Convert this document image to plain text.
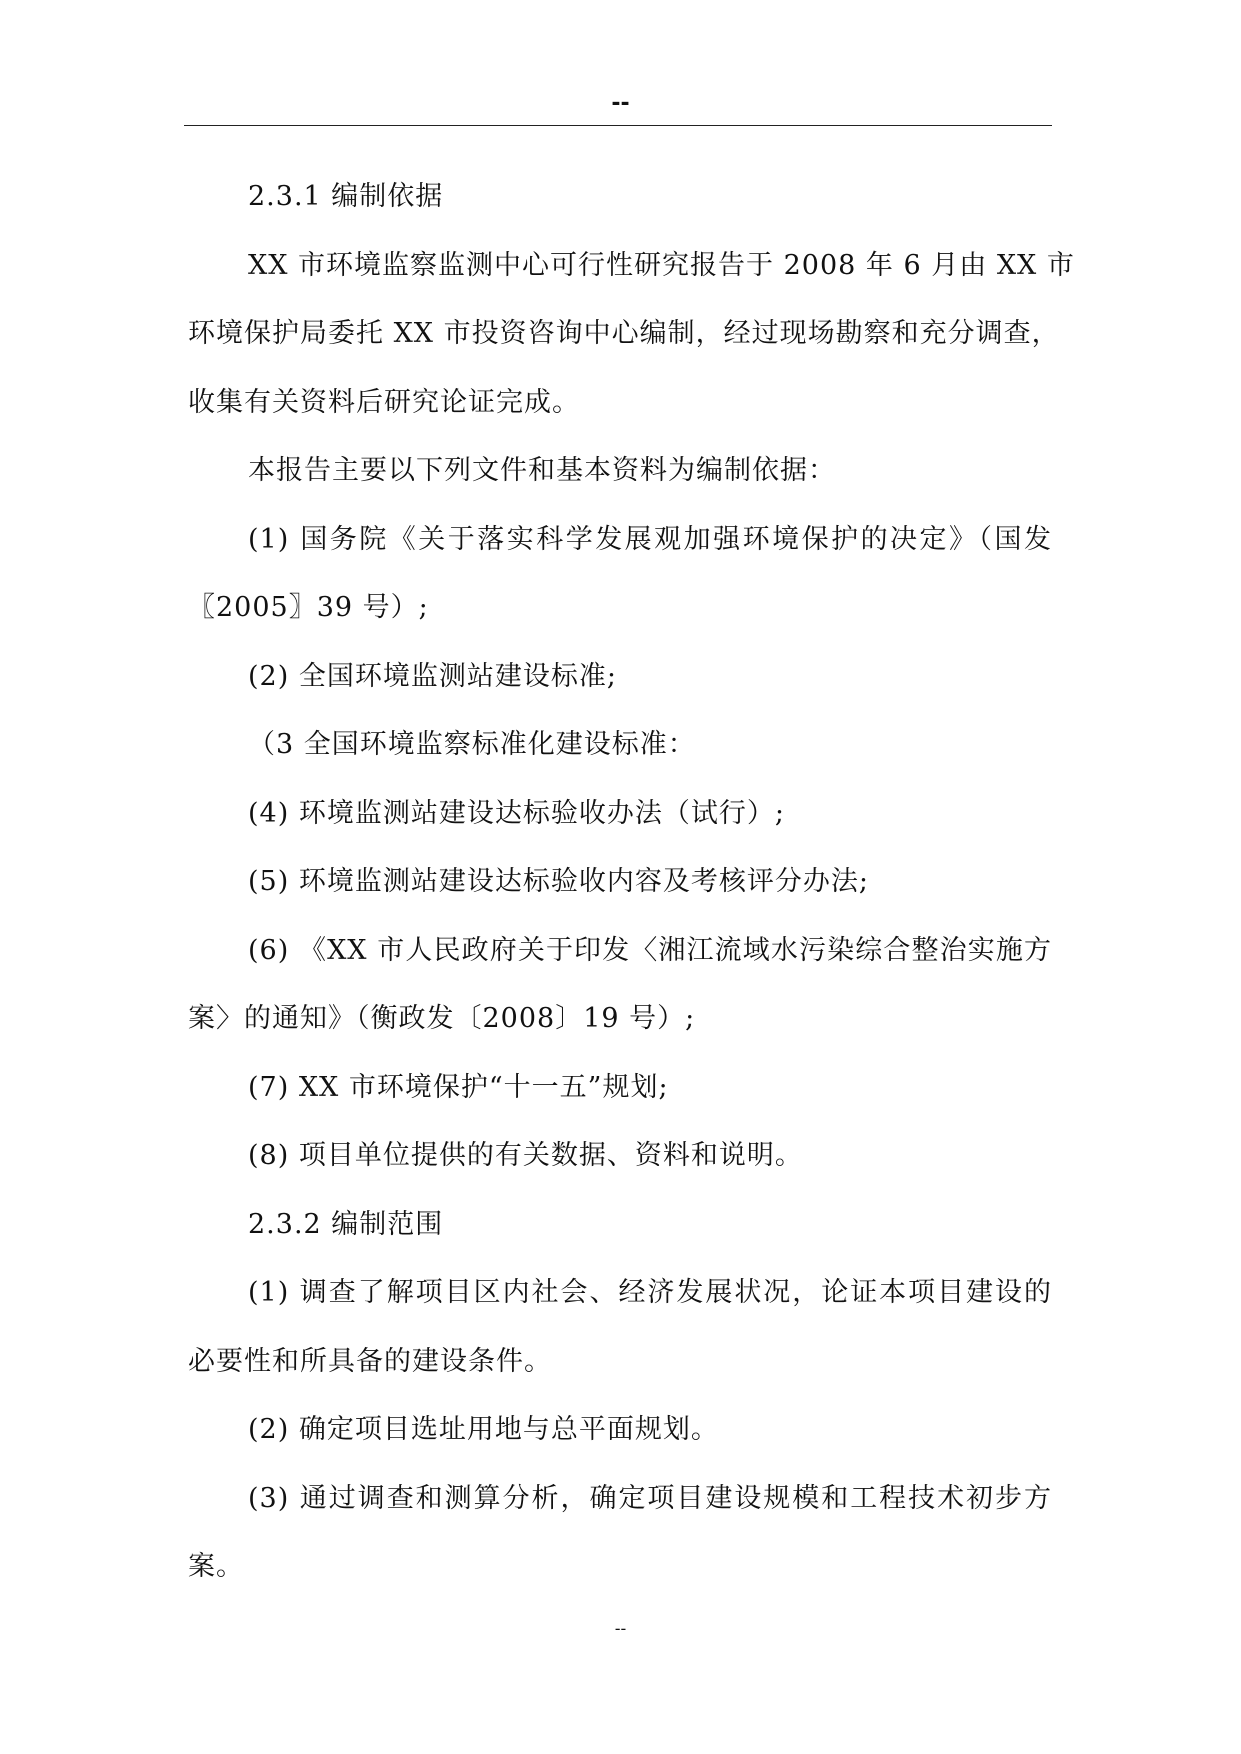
--

2.3.1 编制依据

XX 市环境监察监测中心可行性研究报告于 2008 年 6 月由 XX 市

环境保护局委托 XX 市投资咨询中心编制，经过现场勘察和充分调查，

收集有关资料后研究论证完成。

本报告主要以下列文件和基本资料为编制依据：

(1) 国务院《关于落实科学发展观加强环境保护的决定》（国发

〖2005〗39 号）;

(2) 全国环境监测站建设标准;

（3 全国环境监察标准化建设标准：

(4) 环境监测站建设达标验收办法（试行）;

(5) 环境监测站建设达标验收内容及考核评分办法;

(6) 《XX 市人民政府关于印发〈湘江流域水污染综合整治实施方

案〉的通知》（衡政发〔2008〕19 号）;

(7) XX 市环境保护“十一五”规划;

(8) 项目单位提供的有关数据、资料和说明。

2.3.2 编制范围

(1) 调查了解项目区内社会、经济发展状况，论证本项目建设的

必要性和所具备的建设条件。

(2) 确定项目选址用地与总平面规划。

(3) 通过调查和测算分析，确定项目建设规模和工程技术初步方

案。

--
